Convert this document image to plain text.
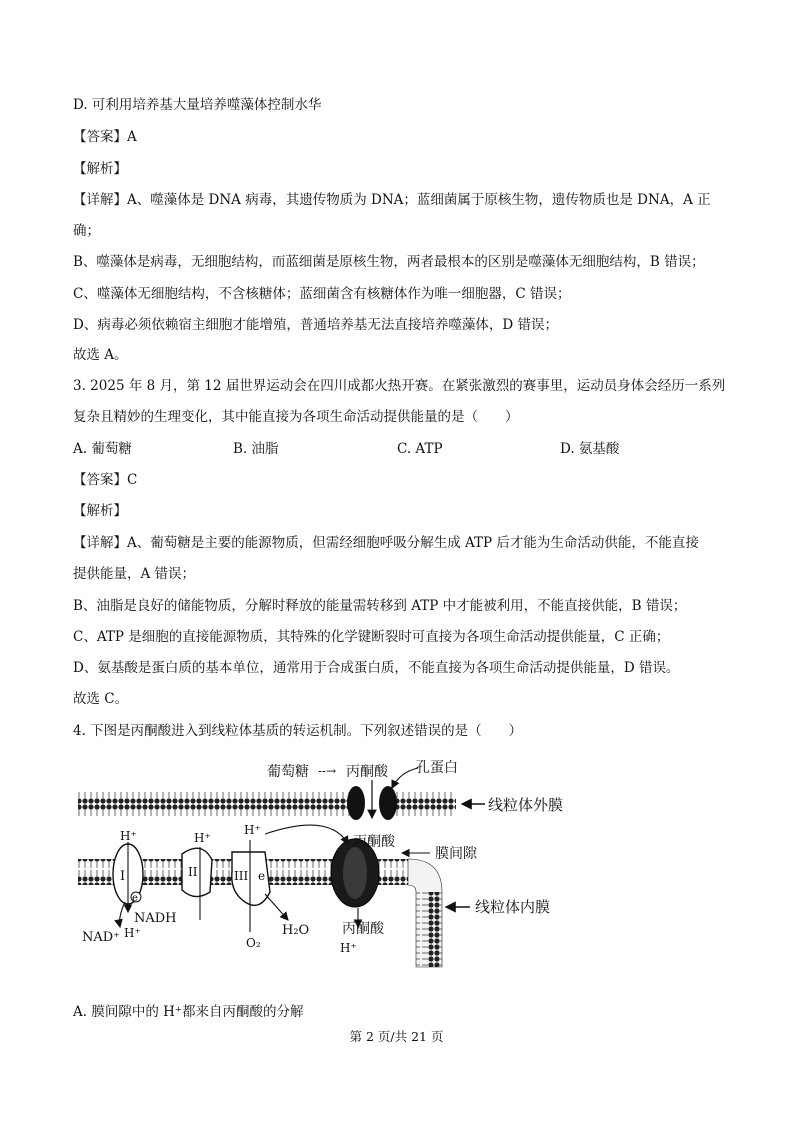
D. 可利用培养基大量培养噬藻体控制水华
【答案】A
【解析】
【详解】A、噬藻体是 DNA 病毒，其遗传物质为 DNA；蓝细菌属于原核生物，遗传物质也是 DNA，A 正
确；
B、噬藻体是病毒，无细胞结构，而蓝细菌是原核生物，两者最根本的区别是噬藻体无细胞结构，B 错误；
C、噬藻体无细胞结构，不含核糖体；蓝细菌含有核糖体作为唯一细胞器，C 错误；
D、病毒必须依赖宿主细胞才能增殖，普通培养基无法直接培养噬藻体，D 错误；
故选 A。
3. 2025 年 8 月，第 12 届世界运动会在四川成都火热开赛。在紧张激烈的赛事里，运动员身体会经历一系列
复杂且精妙的生理变化，其中能直接为各项生命活动提供能量的是（　　）
A. 葡萄糖	B. 油脂	C. ATP	D. 氨基酸
【答案】C
【解析】
【详解】A、葡萄糖是主要的能源物质，但需经细胞呼吸分解生成 ATP 后才能为生命活动供能，不能直接
提供能量，A 错误；
B、油脂是良好的储能物质，分解时释放的能量需转移到 ATP 中才能被利用，不能直接供能，B 错误；
C、ATP 是细胞的直接能源物质，其特殊的化学键断裂时可直接为各项生命活动提供能量，C 正确；
D、氨基酸是蛋白质的基本单位，通常用于合成蛋白质，不能直接为各项生命活动提供能量，D 错误。
故选 C。
4. 下图是丙酮酸进入到线粒体基质的转运机制。下列叙述错误的是（　　）
I
e
II	III e
葡萄糖 --→ 丙酮酸 孔蛋白
线粒体外膜
丙酮酸
膜间隙
线粒体内膜
丙酮酸
H⁺	H⁺
H⁺
H⁺
H⁺
NADH
NAD⁺	O₂
H₂O
A. 膜间隙中的 H⁺都来自丙酮酸的分解
第 2 页/共 21 页
